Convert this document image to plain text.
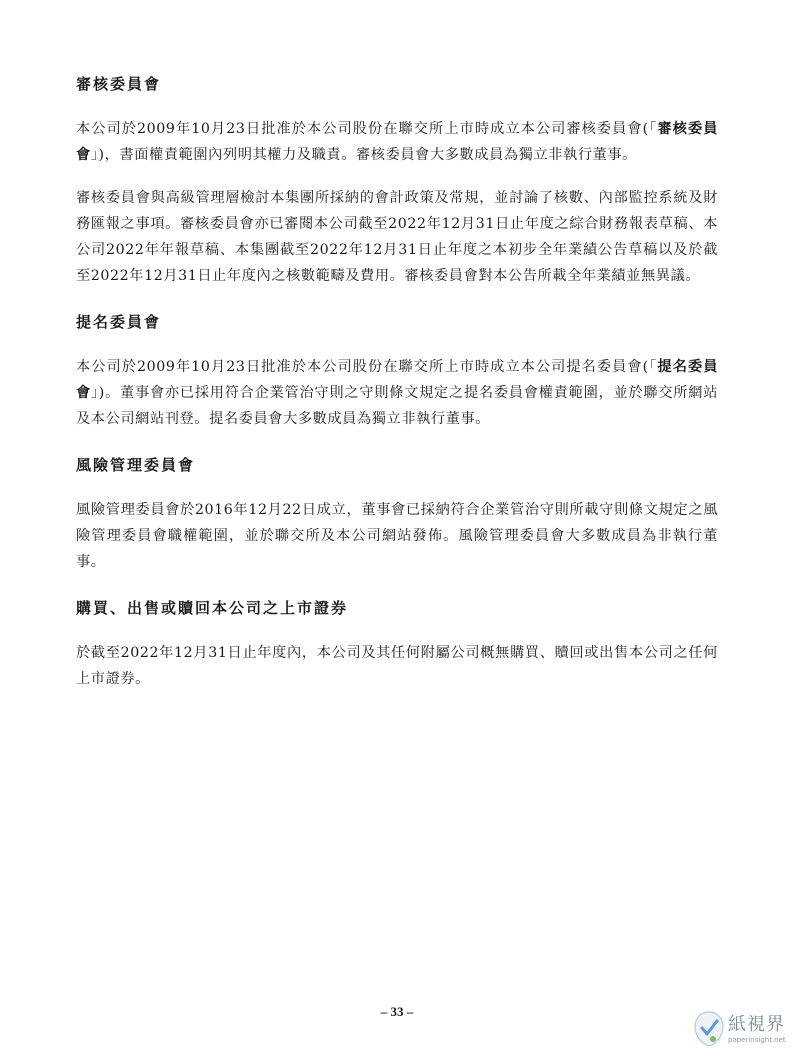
審核委員會

本公司於2009年10月23日批准於本公司股份在聯交所上市時成立本公司審核委員會(「審核委員會」)，書面權責範圍內列明其權力及職責。審核委員會大多數成員為獨立非執行董事。

審核委員會與高級管理層檢討本集團所採納的會計政策及常規，並討論了核數、內部監控系統及財務匯報之事項。審核委員會亦已審閱本公司截至2022年12月31日止年度之綜合財務報表草稿、本公司2022年年報草稿、本集團截至2022年12月31日止年度之本初步全年業績公告草稿以及於截至2022年12月31日止年度內之核數範疇及費用。審核委員會對本公告所載全年業績並無異議。

提名委員會

本公司於2009年10月23日批准於本公司股份在聯交所上市時成立本公司提名委員會(「提名委員會」)。董事會亦已採用符合企業管治守則之守則條文規定之提名委員會權責範圍，並於聯交所網站及本公司網站刊登。提名委員會大多數成員為獨立非執行董事。

風險管理委員會

風險管理委員會於2016年12月22日成立，董事會已採納符合企業管治守則所載守則條文規定之風險管理委員會職權範圍，並於聯交所及本公司網站發佈。風險管理委員會大多數成員為非執行董事。

購買、出售或贖回本公司之上市證券

於截至2022年12月31日止年度內，本公司及其任何附屬公司概無購買、贖回或出售本公司之任何上市證券。

– 33 –
紙視界
paperinsight.net
